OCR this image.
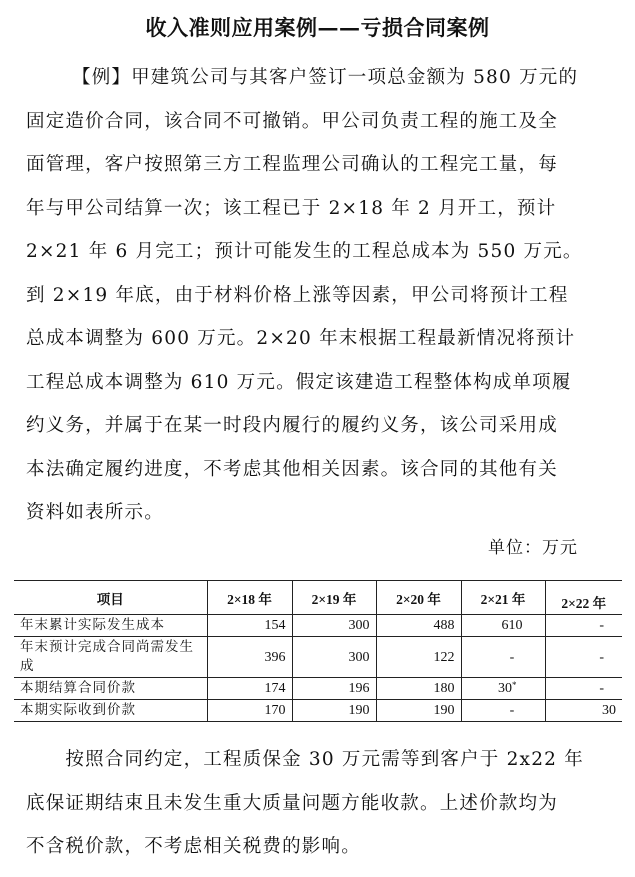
收入准则应用案例——亏损合同案例
【例】甲建筑公司与其客户签订一项总金额为 580 万元的
固定造价合同，该合同不可撤销。甲公司负责工程的施工及全
面管理，客户按照第三方工程监理公司确认的工程完工量，每
年与甲公司结算一次；该工程已于 2×18 年 2 月开工，预计
2×21 年 6 月完工；预计可能发生的工程总成本为 550 万元。
到 2×19 年底，由于材料价格上涨等因素，甲公司将预计工程
总成本调整为 600 万元。2×20 年末根据工程最新情况将预计
工程总成本调整为 610 万元。假定该建造工程整体构成单项履
约义务，并属于在某一时段内履行的履约义务，该公司采用成
本法确定履约进度，不考虑其他相关因素。该合同的其他有关
资料如表所示。
单位：万元
项目	2×18 年	2×19 年	2×20 年	2×21 年	2×22 年
年末累计实际发生成本	154	300	488	610	-
年末预计完成合同尚需发生
成	396	300	122	-	-
本期结算合同价款	174	196	180	30*	-
本期实际收到价款	170	190	190	-	30
　　按照合同约定，工程质保金 30 万元需等到客户于 2x22 年
底保证期结束且未发生重大质量问题方能收款。上述价款均为
不含税价款，不考虑相关税费的影响。
